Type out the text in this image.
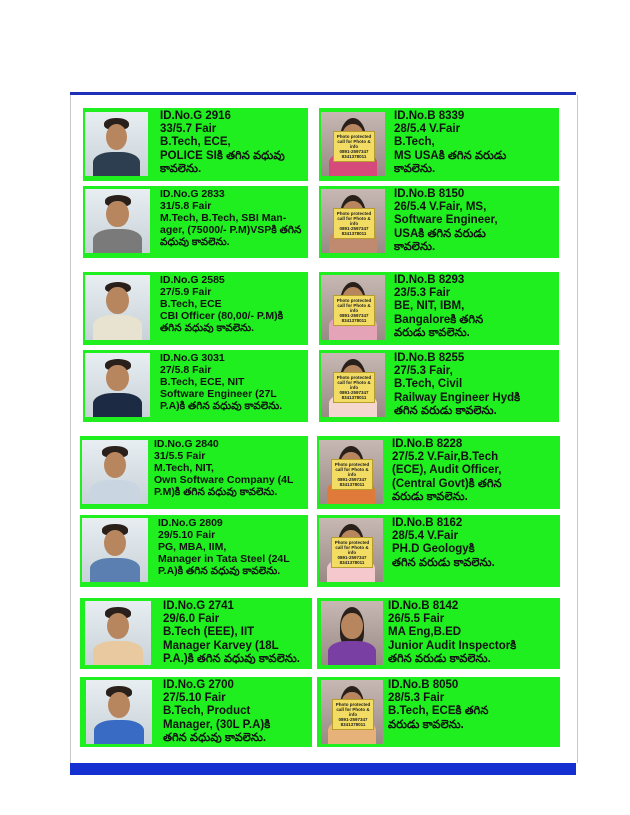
ID.No.G 2916
33/5.7 Fair
B.Tech, ECE,
POLICE SIకి తగిన వధువు
కావలెను.
Photo protected
call for Photo & info
0891-2597347
8341378011
ID.No.B 8339
28/5.4 V.Fair
B.Tech,
MS USAకి తగిన వరుడు
కావలెను.
ID.No.G 2833
31/5.8 Fair
M.Tech, B.Tech, SBI Man-
ager, (75000/- P.M)VSPకి తగిన
వధువు కావలెను.
Photo protected
call for Photo & info
0891-2597347
8341378011
ID.No.B 8150
26/5.4 V.Fair, MS,
Software Engineer,
USAకి తగిన వరుడు
కావలెను.
ID.No.G 2585
27/5.9 Fair
B.Tech, ECE
CBI Officer (80,00/- P.M)కి
తగిన వధువు కావలెను.
Photo protected
call for Photo & info
0891-2597347
8341378011
ID.No.B 8293
23/5.3 Fair
BE, NIT, IBM,
Bangaloreకి తగిన
వరుడు కావలెను.
ID.No.G 3031
27/5.8 Fair
B.Tech, ECE, NIT
Software Engineer (27L
P.A)కి తగిన వధువు కావలెను.
Photo protected
call for Photo & info
0891-2597347
8341378011
ID.No.B 8255
27/5.3 Fair,
B.Tech, Civil
Railway Engineer Hydకి
తగిన వరుడు కావలెను.
ID.No.G 2840
31/5.5 Fair
M.Tech, NIT,
Own Software Company (4L
P.M)కి తగిన వధువు కావలెను.
Photo protected
call for Photo & info
0891-2597347
8341378011
ID.No.B 8228
27/5.2 V.Fair,B.Tech
(ECE), Audit Officer,
(Central Govt)కి తగిన
వరుడు కావలెను.
ID.No.G 2809
29/5.10 Fair
PG, MBA, IIM,
Manager in Tata Steel (24L
P.A)కి తగిన వధువు కావలెను.
Photo protected
call for Photo & info
0891-2597347
8341378011
ID.No.B 8162
28/5.4 V.Fair
PH.D Geologyకి
తగిన వరుడు కావలెను.
ID.No.G 2741
29/6.0 Fair
B.Tech (EEE), IIT
Manager Karvey (18L
P.A.)కి తగిన వధువు కావలెను.
ID.No.B 8142
26/5.5 Fair
MA Eng,B.ED
Junior Audit Inspectorకి
తగిన వరుడు కావలెను.
ID.No.G 2700
27/5.10 Fair
B.Tech, Product
Manager, (30L P.A)కి
తగిన వధువు కావలెను.
Photo protected
call for Photo & info
0891-2597347
8341378011
ID.No.B 8050
28/5.3 Fair
B.Tech, ECEకి తగిన
వరుడు కావలెను.
